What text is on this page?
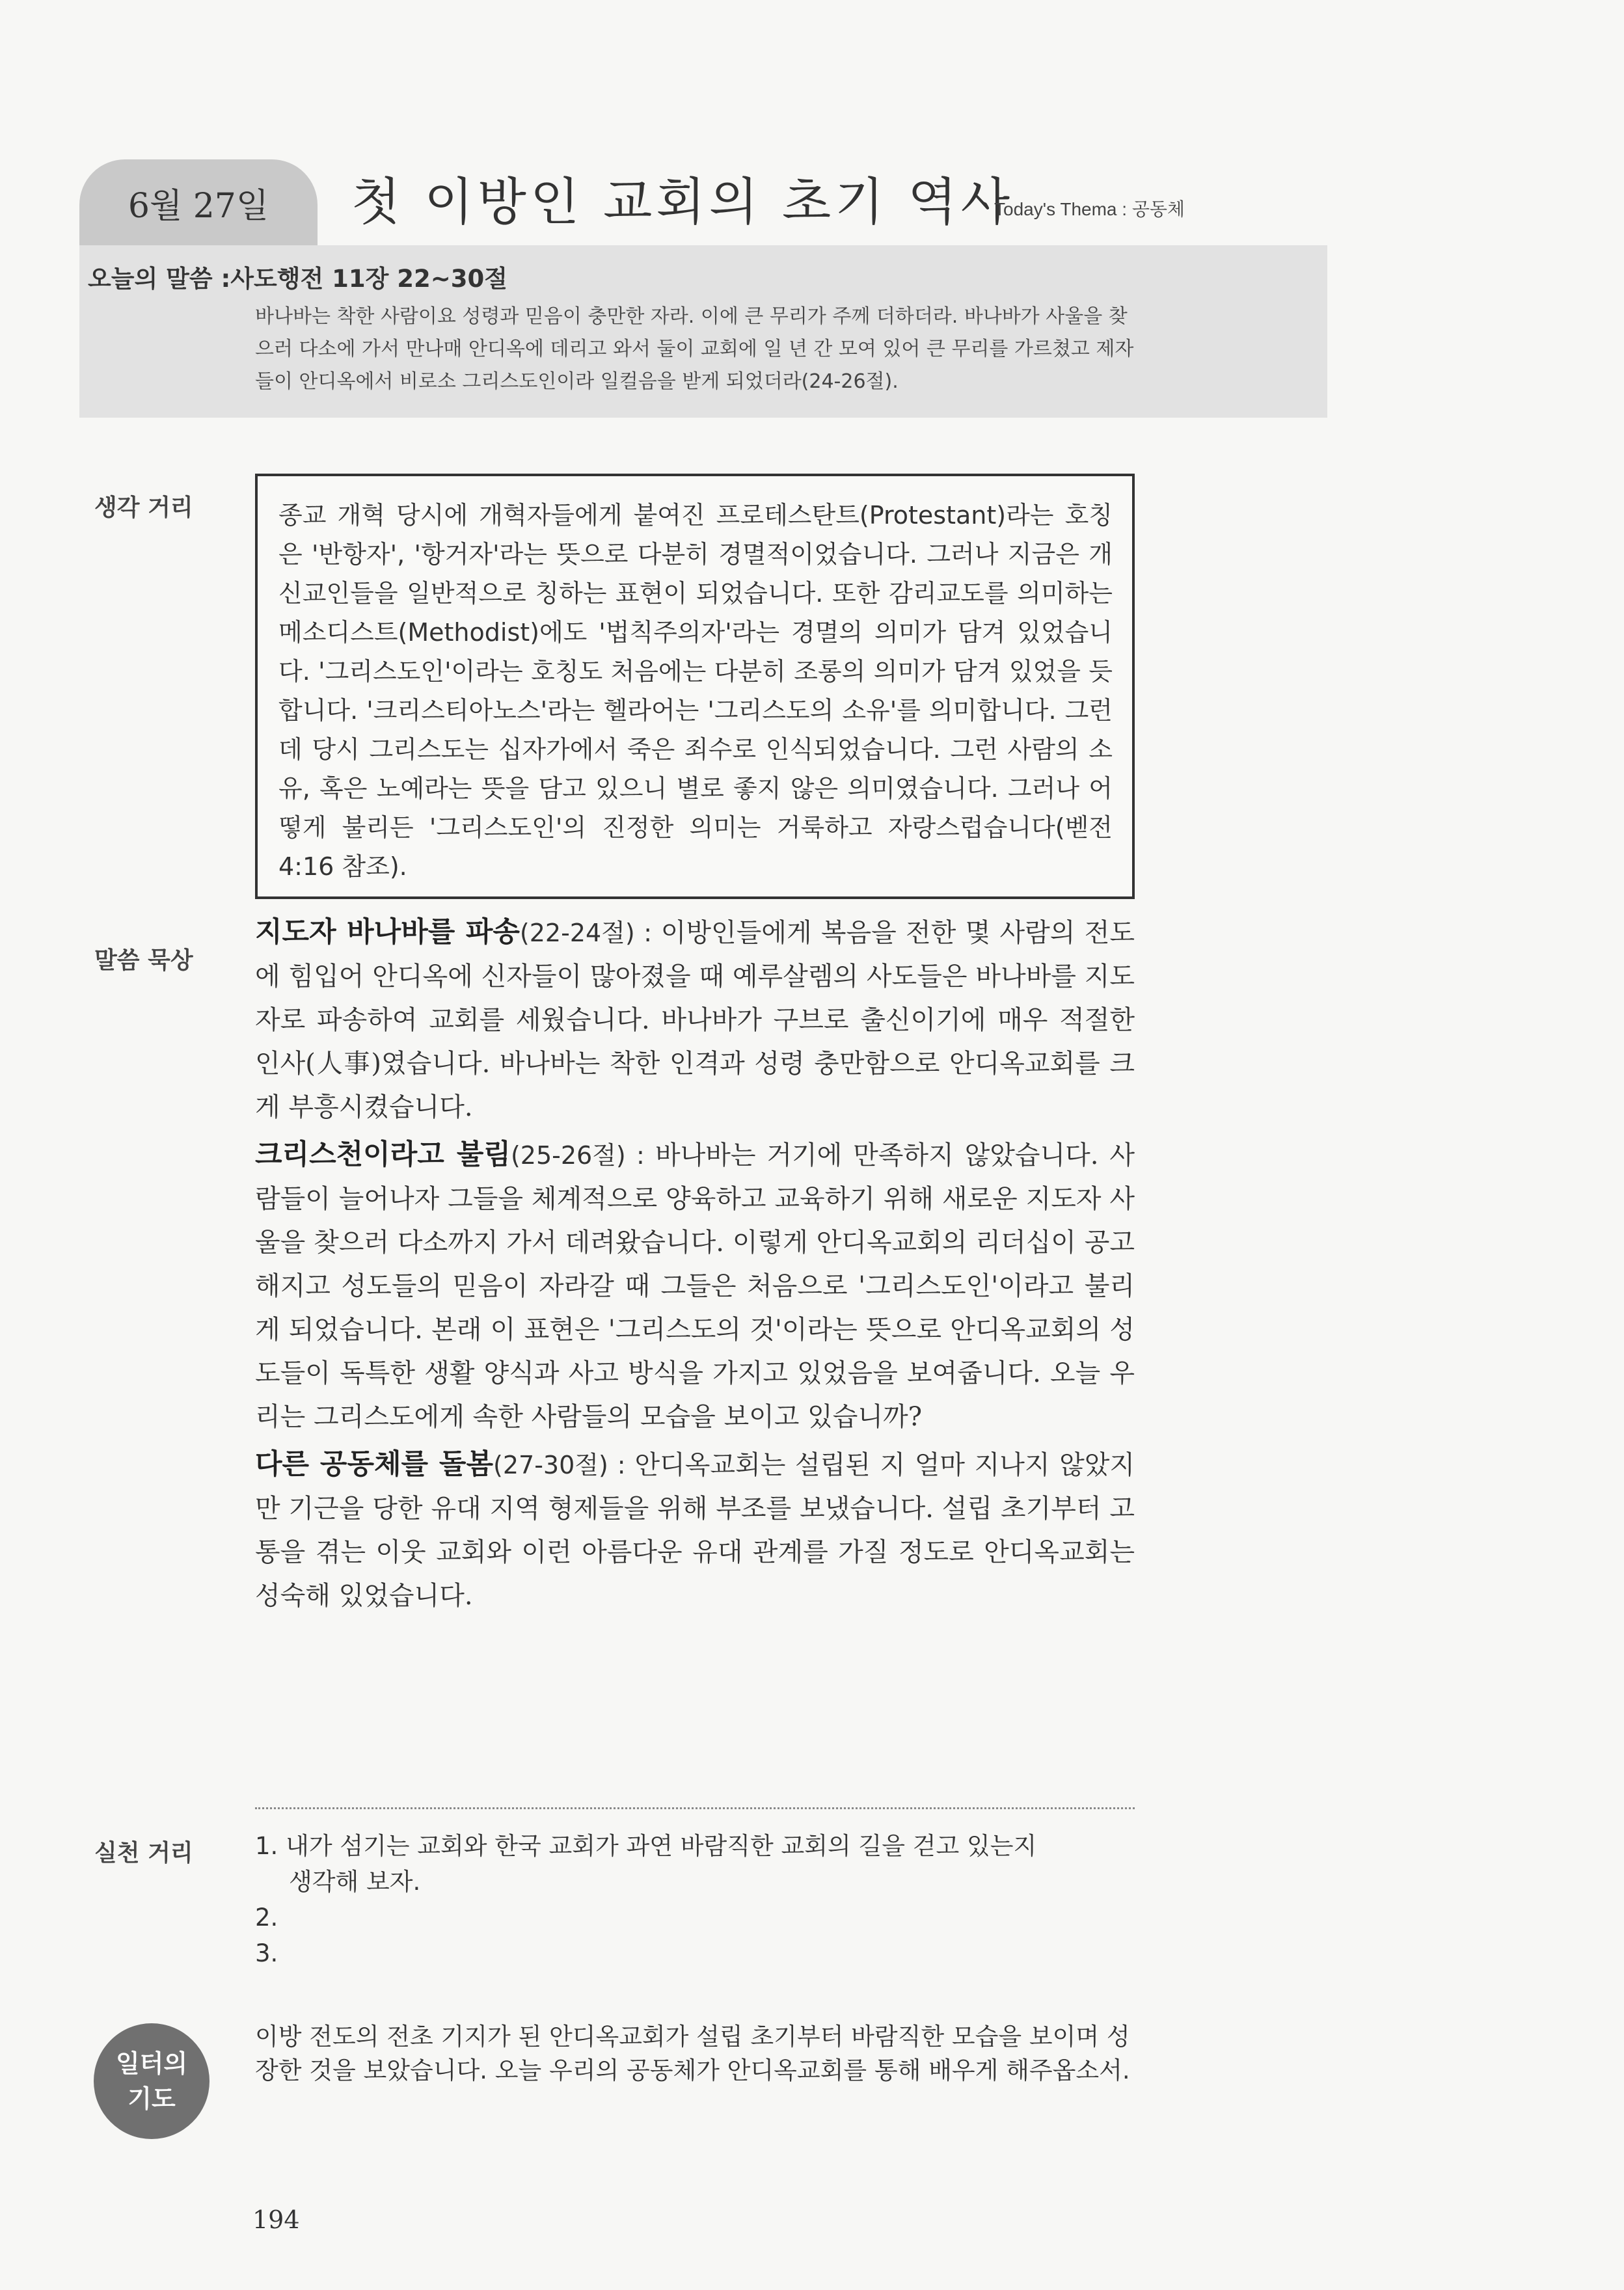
6월 27일	첫 이방인 교회의 초기 역사
Today's Thema : 공동체
오늘의 말씀 :사도행전 11장 22~30절
바나바는 착한 사람이요 성령과 믿음이 충만한 자라. 이에 큰 무리가 주께 더하더라. 바나바가 사울을 찾으러 다소에 가서 만나매 안디옥에 데리고 와서 둘이 교회에 일 년 간 모여 있어 큰 무리를 가르쳤고 제자들이 안디옥에서 비로소 그리스도인이라 일컬음을 받게 되었더라(24-26절).
생각 거리	종교 개혁 당시에 개혁자들에게 붙여진 프로테스탄트(Protestant)라는 호칭은 '반항자', '항거자'라는 뜻으로 다분히 경멸적이었습니다. 그러나 지금은 개신교인들을 일반적으로 칭하는 표현이 되었습니다. 또한 감리교도를 의미하는 메소디스트(Methodist)에도 '법칙주의자'라는 경멸의 의미가 담겨 있었습니다. '그리스도인'이라는 호칭도 처음에는 다분히 조롱의 의미가 담겨 있었을 듯합니다. '크리스티아노스'라는 헬라어는 '그리스도의 소유'를 의미합니다. 그런데 당시 그리스도는 십자가에서 죽은 죄수로 인식되었습니다. 그런 사람의 소유, 혹은 노예라는 뜻을 담고 있으니 별로 좋지 않은 의미였습니다. 그러나 어떻게 불리든 '그리스도인'의 진정한 의미는 거룩하고 자랑스럽습니다(벧전 4:16 참조).
말씀 묵상

지도자 바나바를 파송(22-24절) : 이방인들에게 복음을 전한 몇 사람의 전도에 힘입어 안디옥에 신자들이 많아졌을 때 예루살렘의 사도들은 바나바를 지도자로 파송하여 교회를 세웠습니다. 바나바가 구브로 출신이기에 매우 적절한 인사(人事)였습니다. 바나바는 착한 인격과 성령 충만함으로 안디옥교회를 크게 부흥시켰습니다.

크리스천이라고 불림(25-26절) : 바나바는 거기에 만족하지 않았습니다. 사람들이 늘어나자 그들을 체계적으로 양육하고 교육하기 위해 새로운 지도자 사울을 찾으러 다소까지 가서 데려왔습니다. 이렇게 안디옥교회의 리더십이 공고해지고 성도들의 믿음이 자라갈 때 그들은 처음으로 '그리스도인'이라고 불리게 되었습니다. 본래 이 표현은 '그리스도의 것'이라는 뜻으로 안디옥교회의 성도들이 독특한 생활 양식과 사고 방식을 가지고 있었음을 보여줍니다. 오늘 우리는 그리스도에게 속한 사람들의 모습을 보이고 있습니까?

다른 공동체를 돌봄(27-30절) : 안디옥교회는 설립된 지 얼마 지나지 않았지만 기근을 당한 유대 지역 형제들을 위해 부조를 보냈습니다. 설립 초기부터 고통을 겪는 이웃 교회와 이런 아름다운 유대 관계를 가질 정도로 안디옥교회는 성숙해 있었습니다.

실천 거리	1. 내가 섬기는 교회와 한국 교회가 과연 바람직한 교회의 길을 걷고 있는지
생각해 보자.
2.
3.
일터의
기도
이방 전도의 전초 기지가 된 안디옥교회가 설립 초기부터 바람직한 모습을 보이며 성장한 것을 보았습니다. 오늘 우리의 공동체가 안디옥교회를 통해 배우게 해주옵소서.
194
